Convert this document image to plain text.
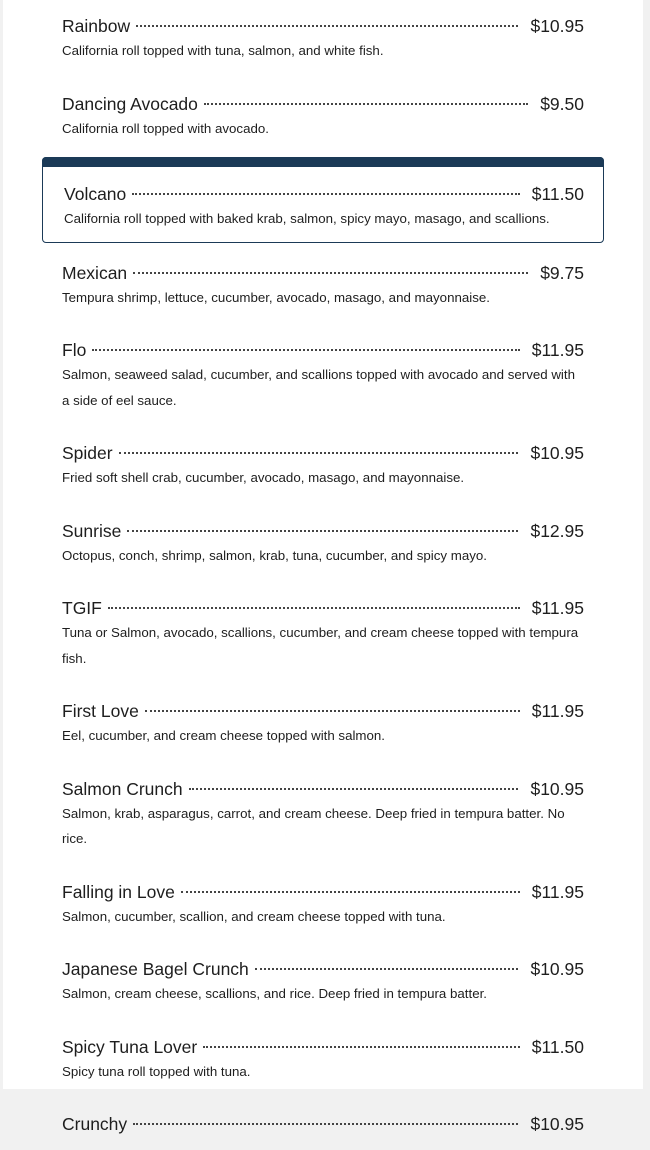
Rainbow	$10.95
California roll topped with tuna, salmon, and white fish.
Dancing Avocado	$9.50
California roll topped with avocado.
Volcano	$11.50
California roll topped with baked krab, salmon, spicy mayo, masago, and scallions.
Mexican	$9.75
Tempura shrimp, lettuce, cucumber, avocado, masago, and mayonnaise.
Flo	$11.95
Salmon, seaweed salad, cucumber, and scallions topped with avocado and served with a side of eel sauce.
Spider	$10.95
Fried soft shell crab, cucumber, avocado, masago, and mayonnaise.
Sunrise	$12.95
Octopus, conch, shrimp, salmon, krab, tuna, cucumber, and spicy mayo.
TGIF	$11.95
Tuna or Salmon, avocado, scallions, cucumber, and cream cheese topped with tempura fish.
First Love	$11.95
Eel, cucumber, and cream cheese topped with salmon.
Salmon Crunch	$10.95
Salmon, krab, asparagus, carrot, and cream cheese. Deep fried in tempura batter. No rice.
Falling in Love	$11.95
Salmon, cucumber, scallion, and cream cheese topped with tuna.
Japanese Bagel Crunch	$10.95
Salmon, cream cheese, scallions, and rice. Deep fried in tempura batter.
Spicy Tuna Lover	$11.50
Spicy tuna roll topped with tuna.
Crunchy	$10.95
